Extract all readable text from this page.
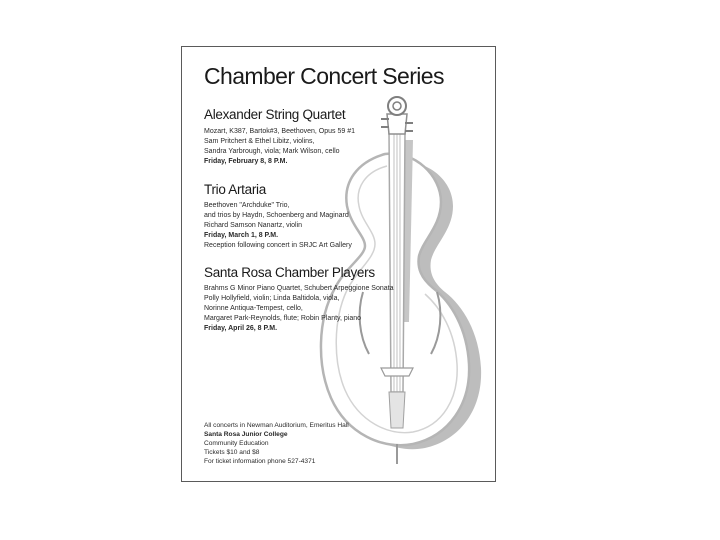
Chamber Concert Series
Alexander String Quartet
Mozart, K387, Bartok#3, Beethoven, Opus 59 #1
Sam Pritchert & Ethel Libitz, violins,
Sandra Yarbrough, viola; Mark Wilson, cello
Friday, February 8, 8 P.M.
Trio Artaria
Beethoven "Archduke" Trio,
and trios by Haydn, Schoenberg and Maginard
Richard Samson Nanartz, violin
Friday, March 1, 8 P.M.
Reception following concert in SRJC Art Gallery
Santa Rosa Chamber Players
Brahms G Minor Piano Quartet, Schubert Arpeggione Sonata
Polly Hollyfield, violin; Linda Baltidola, viola,
Norinne Antiqua-Tempest, cello,
Margaret Park-Reynolds, flute; Robin Planty, piano
Friday, April 26, 8 P.M.
All concerts in Newman Auditorium, Emeritus Hall
Santa Rosa Junior College
Community Education
Tickets $10 and $8
For ticket information phone 527-4371
